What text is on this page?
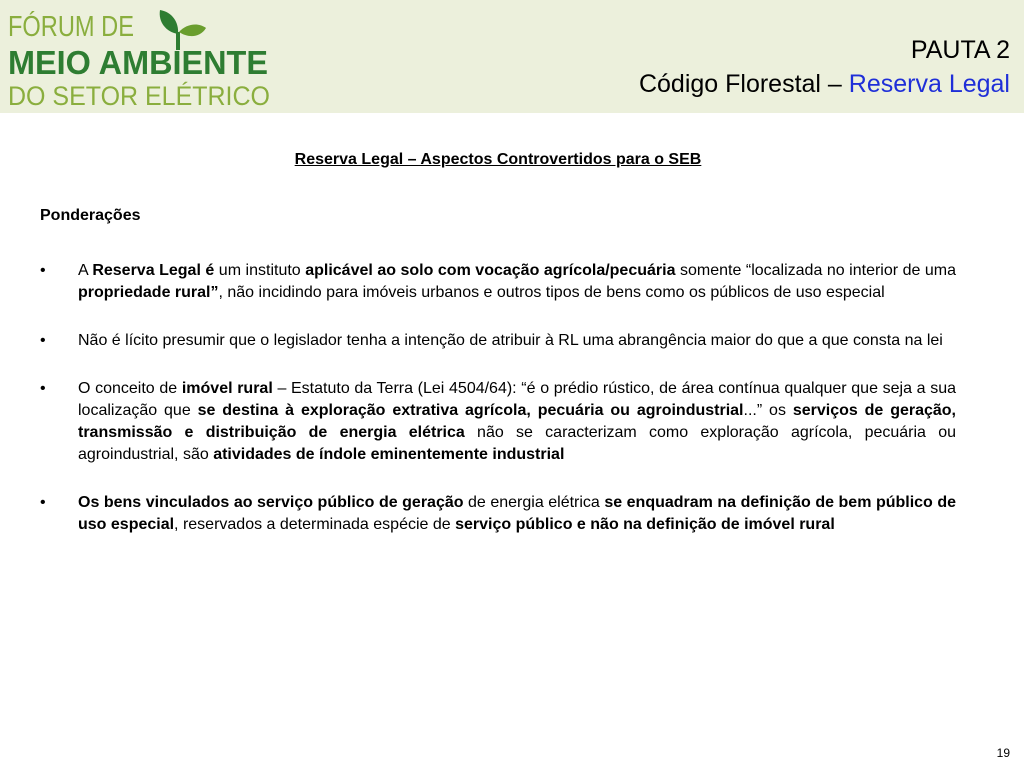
FÓRUM DE
MEIO AMBIENTE
DO SETOR ELÉTRICO
PAUTA 2
Código Florestal – Reserva Legal
Reserva Legal – Aspectos Controvertidos para o SEB
Ponderações
• A Reserva Legal é um instituto aplicável ao solo com vocação agrícola/pecuária somente “localizada no interior de uma propriedade rural”, não incidindo para imóveis urbanos e outros tipos de bens como os públicos de uso especial

• Não é lícito presumir que o legislador tenha a intenção de atribuir à RL uma abrangência maior do que a que consta na lei

• O conceito de imóvel rural – Estatuto da Terra (Lei 4504/64): “é o prédio rústico, de área contínua qualquer que seja a sua localização que se destina à exploração extrativa agrícola, pecuária ou agroindustrial...” os serviços de geração, transmissão e distribuição de energia elétrica não se caracterizam como exploração agrícola, pecuária ou agroindustrial, são atividades de índole eminentemente industrial

• Os bens vinculados ao serviço público de geração de energia elétrica se enquadram na definição de bem público de uso especial, reservados a determinada espécie de serviço público e não na definição de imóvel rural

19
